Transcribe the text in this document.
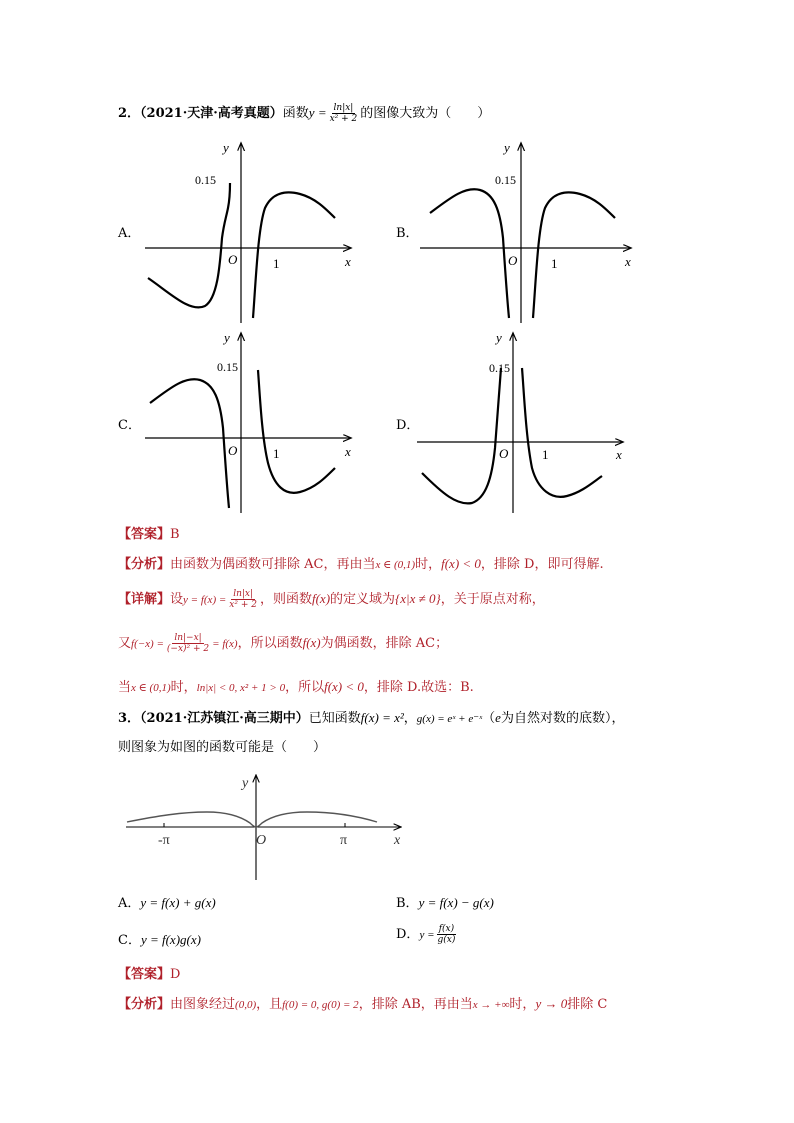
2．（2021·天津·高考真题）函数$y = \frac{\ln|x|}{\text{x² + 2}}$ 的图像大致为（　　）
A．	B．
C．	D．
0.15
O	1	x
y
0.15
O	1	x
y
0.15
O	1	x
y
0.15
O	1	x
y
【答案】B
【分析】由函数为偶函数可排除 AC，再由当x ∈ (0,1)时，f(x) < 0，排除 D，即可得解.
【详解】设$y = f(x) = \frac{\ln|x|}{\text{x² + 2}}$ ，则函数f(x)的定义域为{x|x ≠ 0}，关于原点对称，
又$f(-x) = \frac{\ln|-x|}{\text{(−x)² + 2}} = f(x)$，所以函数f(x)为偶函数，排除 AC；
当x ∈ (0,1)时，ln|x| < 0, x² + 1 > 0，所以f(x) < 0，排除 D.故选：B.
3．（2021·江苏镇江·高三期中）已知函数f(x) = x²，g(x) = eˣ + e⁻ˣ（e为自然对数的底数），
则图象为如图的函数可能是（　　）
y
x
O
-π	π
A．y = f(x) + g(x)	B．y = f(x) − g(x)
C．y = f(x)g(x)	D．$y = \frac{f(x)}{g(x)}$
【答案】D
【分析】由图象经过(0,0)，且f(0) = 0, g(0) = 2，排除 AB，再由当x → +∞时，y → 0排除 C
